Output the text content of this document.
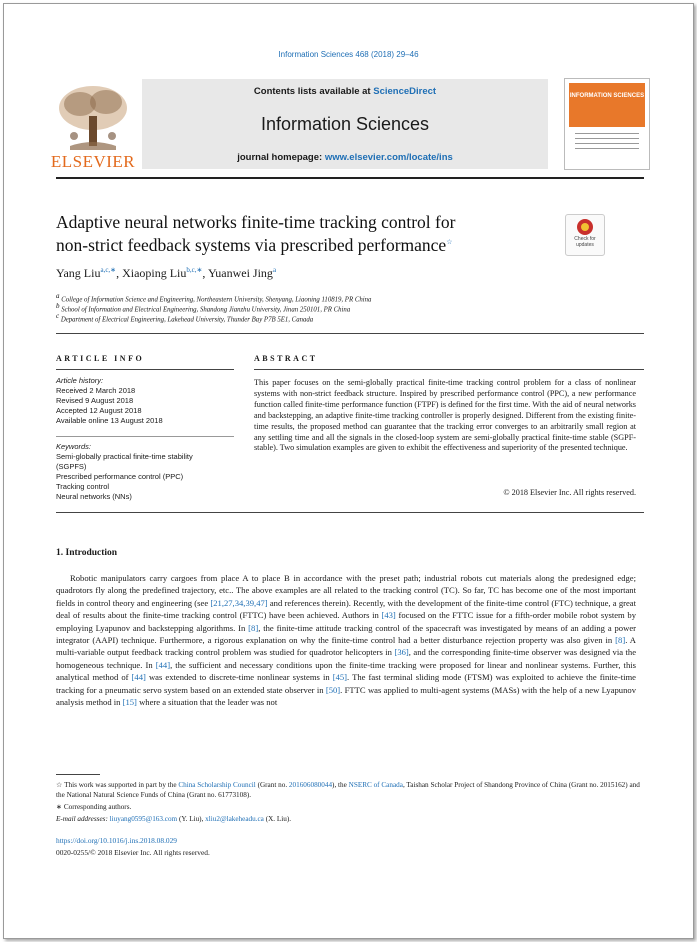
Information Sciences 468 (2018) 29–46
ELSEVIER
Contents lists available at ScienceDirect
Information Sciences
journal homepage: www.elsevier.com/locate/ins
INFORMATION SCIENCES
Adaptive neural networks finite-time tracking control for
non-strict feedback systems via prescribed performance☆	Check for
updates
Yang Liu$^{a,c,∗}$, Xiaoping Liu$^{b,c,∗}$, Yuanwei Jing$^a$
$^a$ College of Information Science and Engineering, Northeastern University, Shenyang, Liaoning 110819, PR China
$^b$ School of Information and Electrical Engineering, Shandong Jianzhu University, Jinan 250101, PR China
$^c$ Department of Electrical Engineering, Lakehead University, Thunder Bay P7B 5E1, Canada
ARTICLE INFO	ABSTRACT
Article history:
Received 2 March 2018
Revised 9 August 2018
Accepted 12 August 2018
Available online 13 August 2018
Keywords:
Semi-globally practical finite-time stability
(SGPFS)
Prescribed performance control (PPC)
Tracking control
Neural networks (NNs)
This paper focuses on the semi-globally practical finite-time tracking control problem for a class of nonlinear systems with non-strict feedback structure. Inspired by prescribed performance control (PPC), a new performance function called finite-time performance function (FTPF) is defined for the first time. With the aid of neural networks and backstepping, an adaptive finite-time tracking controller is properly designed. Different from the existing finite-time results, the proposed method can guarantee that the tracking error converges to an arbitrarily small region at any settling time and all the signals in the closed-loop system are semi-globally practical finite-time stable (SGPF-stable). Two simulation examples are given to exhibit the effectiveness and superiority of the presented technique.
© 2018 Elsevier Inc. All rights reserved.
1. Introduction
Robotic manipulators carry cargoes from place A to place B in accordance with the preset path; industrial robots cut materials along the predesigned edge; quadrotors fly along the predefined trajectory, etc.. The above examples are all related to the tracking control (TC). So far, TC has become one of the most important fields in control theory and engineering (see [21,27,34,39,47] and references therein). Recently, with the development of the finite-time control (FTC) technique, a great deal of results about the finite-time tracking control (FTTC) have been achieved. Authors in [43] focused on the FTTC issue for a fifth-order mobile robot system by employing Lyapunov and backstepping algorithms. In [8], the finite-time attitude tracking control of the spacecraft was investigated by means of an adding a power integrator (AAPI) technique. Furthermore, a rigorous explanation on why the finite-time control had a better disturbance rejection property was also given in [8]. A multi-variable output feedback tracking control problem was studied for quadrotor helicopters in [36], and the corresponding finite-time observer was designed via the homogeneous technique. In [44], the sufficient and necessary conditions upon the finite-time tracking were proposed for linear and nonlinear systems. Further, this analytical method of [44] was extended to discrete-time nonlinear systems in [45]. The fast terminal sliding mode (FTSM) was exploited to achieve the finite-time tracking for a pneumatic servo system based on an extended state observer in [50]. FTTC was applied to multi-agent systems (MASs) with the help of a new Lyapunov analysis method in [15] where a situation that the leader was not
☆ This work was supported in part by the China Scholarship Council (Grant no. 201606080044), the NSERC of Canada, Taishan Scholar Project of Shandong Province of China (Grant no. 2015162) and the National Natural Science Funds of China (Grant no. 61773108).
∗ Corresponding authors.
E-mail addresses: liuyang0595@163.com (Y. Liu), xliu2@lakeheadu.ca (X. Liu).
https://doi.org/10.1016/j.ins.2018.08.029
0020-0255/© 2018 Elsevier Inc. All rights reserved.
